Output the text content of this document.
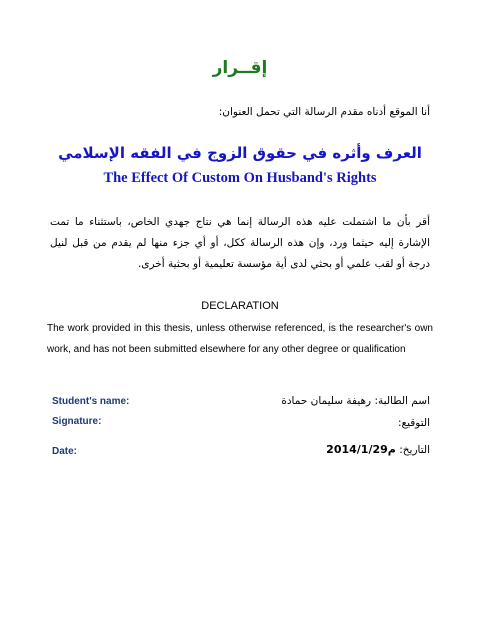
إقــرار
أنا الموقع أدناه مقدم الرسالة التي تحمل العنوان:
العرف وأثره في حقوق الزوج في الفقه الإسلامي
The Effect Of Custom On Husband's Rights
أقر بأن ما اشتملت عليه هذه الرسالة إنما هي نتاج جهدي الخاص، باستثناء ما تمت الإشارة إليه حيثما ورد، وإن هذه الرسالة ككل، أو أي جزء منها لم يقدم من قبل لنيل درجة أو لقب علمي أو بحثي لدى أية مؤسسة تعليمية أو بحثية أخرى.
DECLARATION
The work provided in this thesis, unless otherwise referenced, is the researcher's own work, and has not been submitted elsewhere for any other degree or qualification
Student's name:	اسم الطالبة: رهيفة سليمان حمادة
Signature:	التوقيع:
Date:	التاريخ: 2014/1/29م
